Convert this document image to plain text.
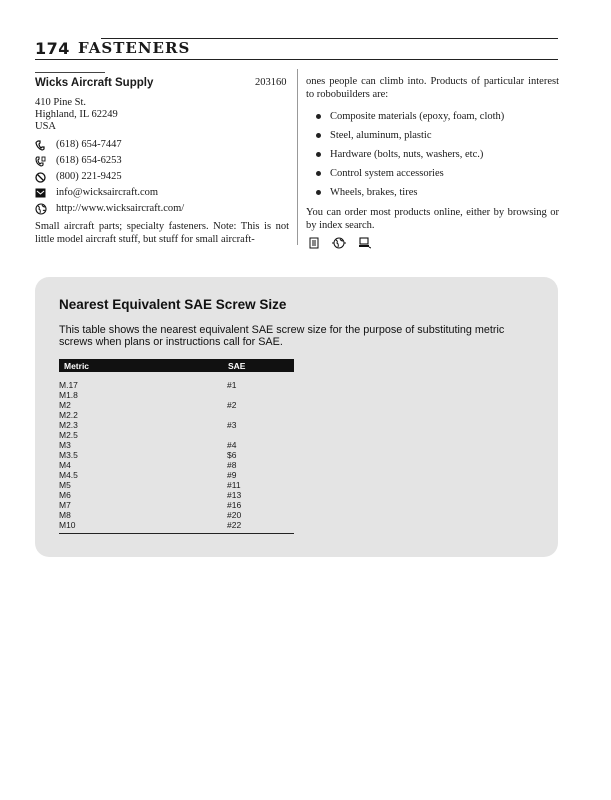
174 FASTENERS
Wicks Aircraft Supply	203160
410 Pine St.
Highland, IL 62249
USA
(618) 654-7447
(618) 654-6253
(800) 221-9425
info@wicksaircraft.com
http://www.wicksaircraft.com/

Small aircraft parts; specialty fasteners. Note: This is not little model aircraft stuff, but stuff for small aircraft-

ones people can climb into. Products of particular interest to robobuilders are:

Composite materials (epoxy, foam, cloth)
Steel, aluminum, plastic
Hardware (bolts, nuts, washers, etc.)
Control system accessories
Wheels, brakes, tires

You can order most products online, either by browsing or by index search.

Nearest Equivalent SAE Screw Size
This table shows the nearest equivalent SAE screw size for the purpose of substituting metric screws when plans or instructions call for SAE.
Metric	SAE
M.17	#1
M1.8
M2	#2
M2.2
M2.3	#3
M2.5
M3	#4
M3.5	$6
M4	#8
M4.5	#9
M5	#11
M6	#13
M7	#16
M8	#20
M10	#22
